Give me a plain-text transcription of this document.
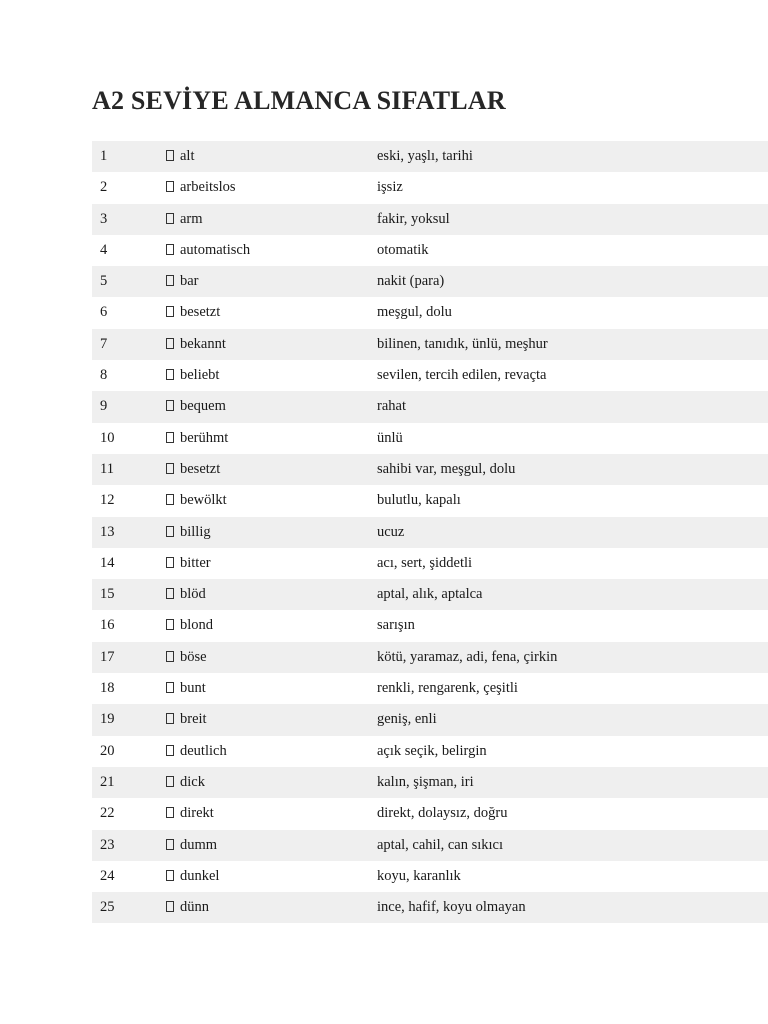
A2 SEVİYE ALMANCA SIFATLAR
1	alt	eski, yaşlı, tarihi
2	arbeitslos	işsiz
3	arm	fakir, yoksul
4	automatisch	otomatik
5	bar	nakit (para)
6	besetzt	meşgul, dolu
7	bekannt	bilinen, tanıdık, ünlü, meşhur
8	beliebt	sevilen, tercih edilen, revaçta
9	bequem	rahat
10	berühmt	ünlü
11	besetzt	sahibi var, meşgul, dolu
12	bewölkt	bulutlu, kapalı
13	billig	ucuz
14	bitter	acı, sert, şiddetli
15	blöd	aptal, alık, aptalca
16	blond	sarışın
17	böse	kötü, yaramaz, adi, fena, çirkin
18	bunt	renkli, rengarenk, çeşitli
19	breit	geniş, enli
20	deutlich	açık seçik, belirgin
21	dick	kalın, şişman, iri
22	direkt	direkt, dolaysız, doğru
23	dumm	aptal, cahil, can sıkıcı
24	dunkel	koyu, karanlık
25	dünn	ince, hafif, koyu olmayan
